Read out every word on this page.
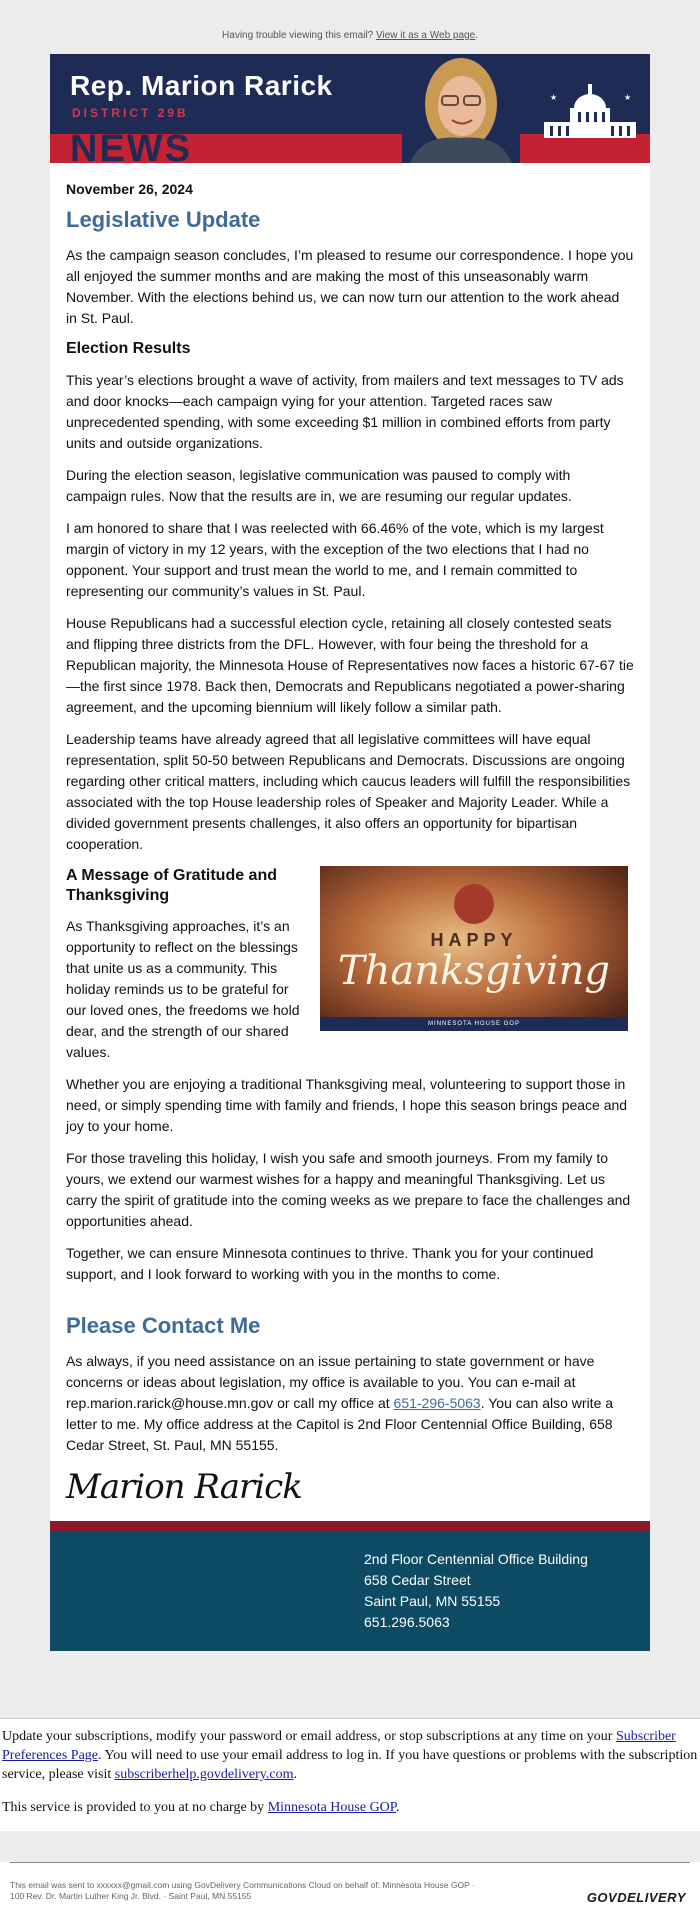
Having trouble viewing this email? View it as a Web page.
Rep. Marion Rarick
DISTRICT 29B
NEWS
★	★
November 26, 2024
Legislative Update

As the campaign season concludes, I’m pleased to resume our correspondence. I hope you all enjoyed the summer months and are making the most of this unseasonably warm November. With the elections behind us, we can now turn our attention to the work ahead in St. Paul.

Election Results

This year’s elections brought a wave of activity, from mailers and text messages to TV ads and door knocks—each campaign vying for your attention. Targeted races saw unprecedented spending, with some exceeding $1 million in combined efforts from party units and outside organizations.

During the election season, legislative communication was paused to comply with campaign rules. Now that the results are in, we are resuming our regular updates.

I am honored to share that I was reelected with 66.46% of the vote, which is my largest margin of victory in my 12 years, with the exception of the two elections that I had no opponent. Your support and trust mean the world to me, and I remain committed to representing our community’s values in St. Paul.

House Republicans had a successful election cycle, retaining all closely contested seats and flipping three districts from the DFL. However, with four being the threshold for a Republican majority, the Minnesota House of Representatives now faces a historic 67-67 tie—the first since 1978. Back then, Democrats and Republicans negotiated a power-sharing agreement, and the upcoming biennium will likely follow a similar path.

Leadership teams have already agreed that all legislative committees will have equal representation, split 50-50 between Republicans and Democrats. Discussions are ongoing regarding other critical matters, including which caucus leaders will fulfill the responsibilities associated with the top House leadership roles of Speaker and Majority Leader. While a divided government presents challenges, it also offers an opportunity for bipartisan cooperation.

A Message of Gratitude and Thanksgiving

As Thanksgiving approaches, it’s an opportunity to reflect on the blessings that unite us as a community. This holiday reminds us to be grateful for our loved ones, the freedoms we hold dear, and the strength of our shared values.

HAPPY
Thanksgiving
MINNESOTA HOUSE GOP

Whether you are enjoying a traditional Thanksgiving meal, volunteering to support those in need, or simply spending time with family and friends, I hope this season brings peace and joy to your home.

For those traveling this holiday, I wish you safe and smooth journeys. From my family to yours, we extend our warmest wishes for a happy and meaningful Thanksgiving. Let us carry the spirit of gratitude into the coming weeks as we prepare to face the challenges and opportunities ahead.

Together, we can ensure Minnesota continues to thrive. Thank you for your continued support, and I look forward to working with you in the months to come.

Please Contact Me

As always, if you need assistance on an issue pertaining to state government or have concerns or ideas about legislation, my office is available to you. You can e-mail at rep.marion.rarick@house.mn.gov or call my office at 651-296-5063. You can also write a letter to me. My office address at the Capitol is 2nd Floor Centennial Office Building, 658 Cedar Street, St. Paul, MN 55155.

Marion Rarick
2nd Floor Centennial Office Building
658 Cedar Street
Saint Paul, MN 55155
651.296.5063

Update your subscriptions, modify your password or email address, or stop subscriptions at any time on your Subscriber Preferences Page. You will need to use your email address to log in. If you have questions or problems with the subscription service, please visit subscriberhelp.govdelivery.com.

This service is provided to you at no charge by Minnesota House GOP.

This email was sent to xxxxxx@gmail.com using GovDelivery Communications Cloud on behalf of: Minnesota House GOP · 100 Rev. Dr. Martin Luther King Jr. Blvd. · Saint Paul, MN 55155	GOVDELIVERY
